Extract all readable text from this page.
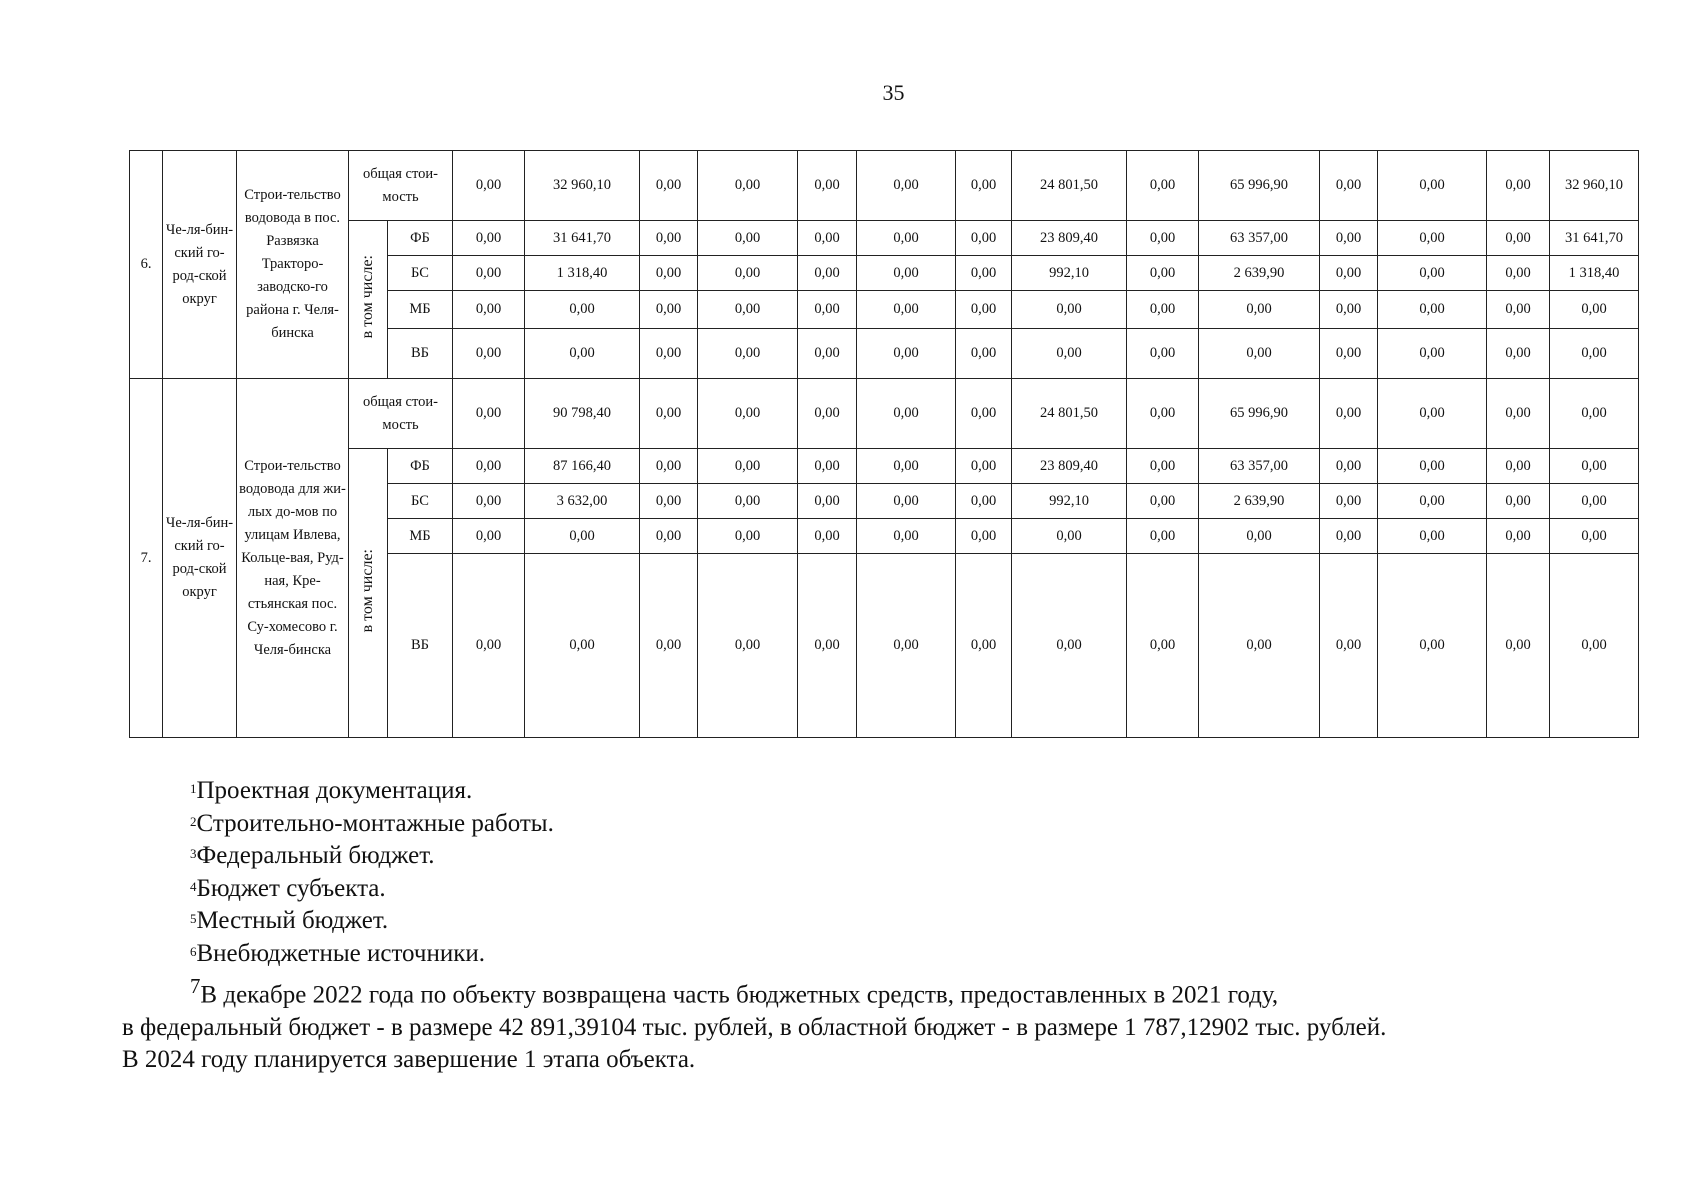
35
6.	Че-ля-бин-ский го-род-ской округ	Строи-тельство водовода в пос. Развязка Тракторо-заводско-го района г. Челя-бинска	общая стои-мость		0,00	32 960,10	0,00	0,00	0,00	0,00	0,00	24 801,50	0,00	65 996,90	0,00	0,00	0,00	32 960,10
			в том числе:	ФБ	0,00	31 641,70	0,00	0,00	0,00	0,00	0,00	23 809,40	0,00	63 357,00	0,00	0,00	0,00	31 641,70
				БС	0,00	1 318,40	0,00	0,00	0,00	0,00	0,00	992,10	0,00	2 639,90	0,00	0,00	0,00	1 318,40
				МБ	0,00	0,00	0,00	0,00	0,00	0,00	0,00	0,00	0,00	0,00	0,00	0,00	0,00	0,00
				ВБ	0,00	0,00	0,00	0,00	0,00	0,00	0,00	0,00	0,00	0,00	0,00	0,00	0,00	0,00
7.	Че-ля-бин-ский го-род-ской округ	Строи-тельство водовода для жи-лых до-мов по улицам Ивлева, Кольце-вая, Руд-ная, Кре-стьянская пос. Су-хомесово г. Челя-бинска	общая стои-мость		0,00	90 798,40	0,00	0,00	0,00	0,00	0,00	24 801,50	0,00	65 996,90	0,00	0,00	0,00	0,00
			в том числе:	ФБ	0,00	87 166,40	0,00	0,00	0,00	0,00	0,00	23 809,40	0,00	63 357,00	0,00	0,00	0,00	0,00
				БС	0,00	3 632,00	0,00	0,00	0,00	0,00	0,00	992,10	0,00	2 639,90	0,00	0,00	0,00	0,00
				МБ	0,00	0,00	0,00	0,00	0,00	0,00	0,00	0,00	0,00	0,00	0,00	0,00	0,00	0,00
				ВБ	0,00	0,00	0,00	0,00	0,00	0,00	0,00	0,00	0,00	0,00	0,00	0,00	0,00	0,00
$^1$Проектная документация.
$^2$Строительно-монтажные работы.
$^3$Федеральный бюджет.
$^4$Бюджет субъекта.
$^5$Местный бюджет.
$^6$Внебюджетные источники.
$^7$В декабре 2022 года по объекту возвращена часть бюджетных средств, предоставленных в 2021 году,
в федеральный бюджет - в размере 42 891,39104 тыс. рублей, в областной бюджет - в размере 1 787,12902 тыс. рублей.
В 2024 году планируется завершение 1 этапа объекта.
